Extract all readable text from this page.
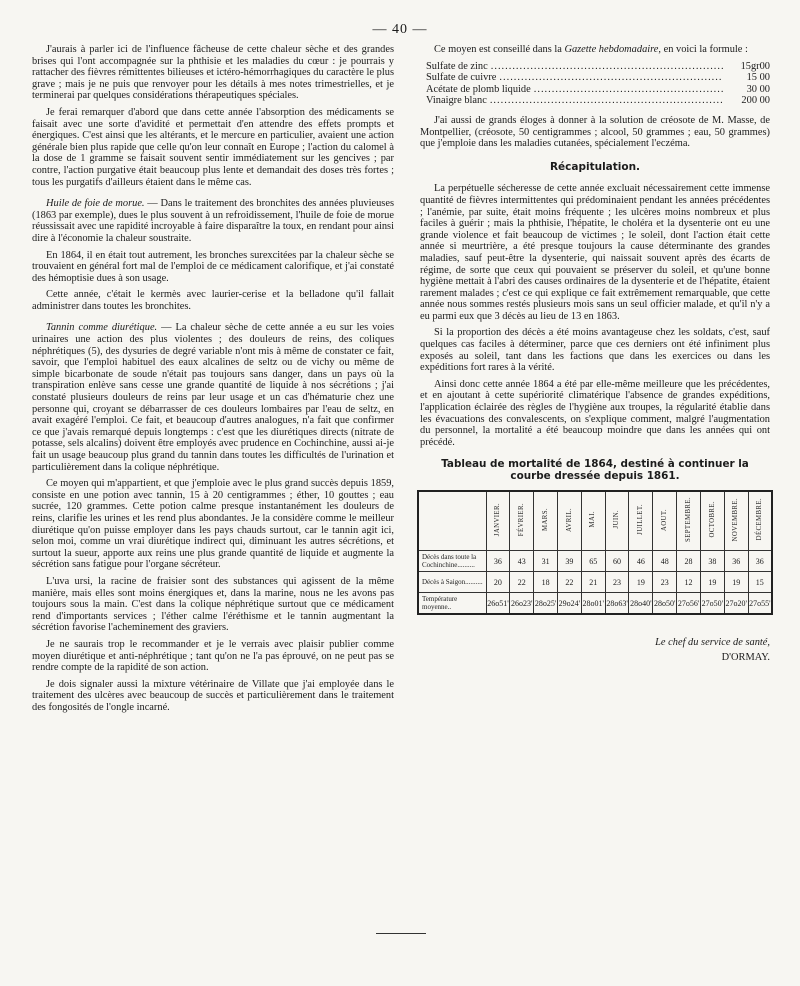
— 40 —

J'aurais à parler ici de l'influence fâcheuse de cette chaleur sèche et des grandes brises qui l'ont accompagnée sur la phthisie et les maladies du cœur : je pourrais y rattacher des fièvres rémittentes bilieuses et ictéro-hémorrhagiques du caractère le plus grave ; mais je ne puis que renvoyer pour les détails à mes notes trimestrielles, et je terminerai par quelques considérations thérapeutiques spéciales.

Je ferai remarquer d'abord que dans cette année l'absorption des médicaments se faisait avec une sorte d'avidité et permettait d'en attendre des effets prompts et énergiques. C'est ainsi que les altérants, et le mercure en particulier, avaient une action générale bien plus rapide que celle qu'on leur connaît en Europe ; l'action du calomel à la dose de 1 gramme se faisait souvent sentir immédiatement sur les gencives ; par contre, l'action purgative était beaucoup plus lente et demandait des doses très fortes ; tous les purgatifs d'ailleurs étaient dans le même cas.

Huile de foie de morue. — Dans le traitement des bronchites des années pluvieuses (1863 par exemple), dues le plus souvent à un refroidissement, l'huile de foie de morue réussissait avec une rapidité incroyable à faire disparaître la toux, en rendant pour ainsi dire à l'économie la chaleur soustraite.

En 1864, il en était tout autrement, les bronches surexcitées par la chaleur sèche se trouvaient en général fort mal de l'emploi de ce médicament calorifique, et j'ai constaté des hémoptisie dues à son usage.

Cette année, c'était le kermès avec laurier-cerise et la belladone qu'il fallait administrer dans toutes les bronchites.

Tannin comme diurétique. — La chaleur sèche de cette année a eu sur les voies urinaires une action des plus violentes ; des douleurs de reins, des coliques néphrétiques (5), des dysuries de degré variable n'ont mis à même de constater ce fait, savoir, que l'emploi habituel des eaux alcalines de seltz ou de vichy ou même de simple bicarbonate de soude n'était pas toujours sans danger, dans un pays où la transpiration enlève sans cesse une grande quantité de liquide à nos sécrétions ; j'ai constaté plusieurs douleurs de reins par leur usage et un cas d'hématurie chez une personne qui, croyant se débarrasser de ces douleurs lombaires par l'eau de seltz, en avait exagéré l'emploi. Ce fait, et beaucoup d'autres analogues, n'a fait que confirmer ce que j'avais remarqué depuis longtemps : c'est que les diurétiques directs (nitrate de potasse, sels alcalins) doivent être employés avec prudence en Cochinchine, aussi ai-je fait un usage beaucoup plus grand du tannin dans toutes les difficultés de l'urination et particulièrement dans la colique néphrétique.

Ce moyen qui m'appartient, et que j'emploie avec le plus grand succès depuis 1859, consiste en une potion avec tannin, 15 à 20 centigrammes ; éther, 10 gouttes ; eau sucrée, 120 grammes. Cette potion calme presque instantanément les douleurs de reins, clarifie les urines et les rend plus abondantes. Je la considère comme le meilleur diurétique qu'on puisse employer dans les pays chauds surtout, car le tannin agit ici, selon moi, comme un vrai diurétique indirect qui, diminuant les autres sécrétions, et surtout la sueur, apporte aux reins une plus grande quantité de liquide et augmente la sécrétion sans fatigue pour l'organe sécréteur.

L'uva ursi, la racine de fraisier sont des substances qui agissent de la même manière, mais elles sont moins énergiques et, dans la marine, nous ne les avons pas toujours sous la main. C'est dans la colique néphrétique surtout que ce médicament rend d'importants services ; l'éther calme l'éréthisme et le tannin augmentant la sécrétion favorise l'acheminement des graviers.

Je ne saurais trop le recommander et je le verrais avec plaisir publier comme moyen diurétique et anti-néphrétique ; tant qu'on ne l'a pas éprouvé, on ne peut pas se rendre compte de la rapidité de son action.

Je dois signaler aussi la mixture vétérinaire de Villate que j'ai employée dans le traitement des ulcères avec beaucoup de succès et particulièrement dans le traitement des fongosités de l'ongle incarné.

Ce moyen est conseillé dans la Gazette hebdomadaire, en voici la formule :

Sulfate de zinc .....	15gr00
Sulfate de cuivre .....	15 00
Acétate de plomb liquide .....	30 00
Vinaigre blanc .....	200 00

J'ai aussi de grands éloges à donner à la solution de créosote de M. Masse, de Montpellier, (créosote, 50 centigrammes ; alcool, 50 grammes ; eau, 50 grammes) que j'emploie dans les maladies cutanées, spécialement l'eczéma.

Récapitulation.

La perpétuelle sécheresse de cette année excluait nécessairement cette immense quantité de fièvres intermittentes qui prédominaient pendant les années précédentes ; l'anémie, par suite, était moins fréquente ; les ulcères moins nombreux et plus faciles à guérir ; mais la phthisie, l'hépatite, le choléra et la dysenterie ont eu une grande violence et fait beaucoup de victimes ; le soleil, dont l'action était cette année si meurtrière, a été presque toujours la cause déterminante des grandes maladies, sauf peut-être la dysenterie, qui naissait souvent après des écarts de régime, de sorte que ceux qui pouvaient se préserver du soleil, et qu'une bonne hygiène mettait à l'abri des causes ordinaires de la dysenterie et de l'hépatite, étaient rarement malades ; c'est ce qui explique ce fait extrêmement remarquable, que cette année nous sommes restés plusieurs mois sans un seul officier malade, et qu'il n'y a eu parmi eux que 3 décès au lieu de 13 en 1863.

Si la proportion des décès a été moins avantageuse chez les soldats, c'est, sauf quelques cas faciles à déterminer, parce que ces derniers ont été infiniment plus exposés au soleil, tant dans les factions que dans les exercices ou dans les expéditions fort rares à la vérité.

Ainsi donc cette année 1864 a été par elle-même meilleure que les précédentes, et en ajoutant à cette supériorité climatérique l'absence de grandes expéditions, l'application éclairée des règles de l'hygiène aux troupes, la régularité établie dans les évacuations des convalescents, on s'explique comment, malgré l'augmentation du personnel, la mortalité a été beaucoup moindre que dans les années qui ont précédé.

Tableau de mortalité de 1864, destiné à continuer la courbe dressée depuis 1861.
	JANVIER.	FÉVRIER.	MARS.	AVRIL.	MAI.	JUIN.	JUILLET.	AOUT.	SEPTEMBRE.	OCTOBRE.	NOVEMBRE.	DÉCEMBRE.
Décès dans toute la Cochinchine..........	36	43	31	39	65	60	46	48	28	38	36	36
Décès à Saigon..........	20	22	18	22	21	23	19	23	12	19	19	15
Température moyenne..	26o51'	26o23'	28o25'	29o24'	28o01'	28o63'	28o40'	28o50'	27o56'	27o50'	27o20'	27o55'
Le chef du service de santé,
D'ORMAY.
